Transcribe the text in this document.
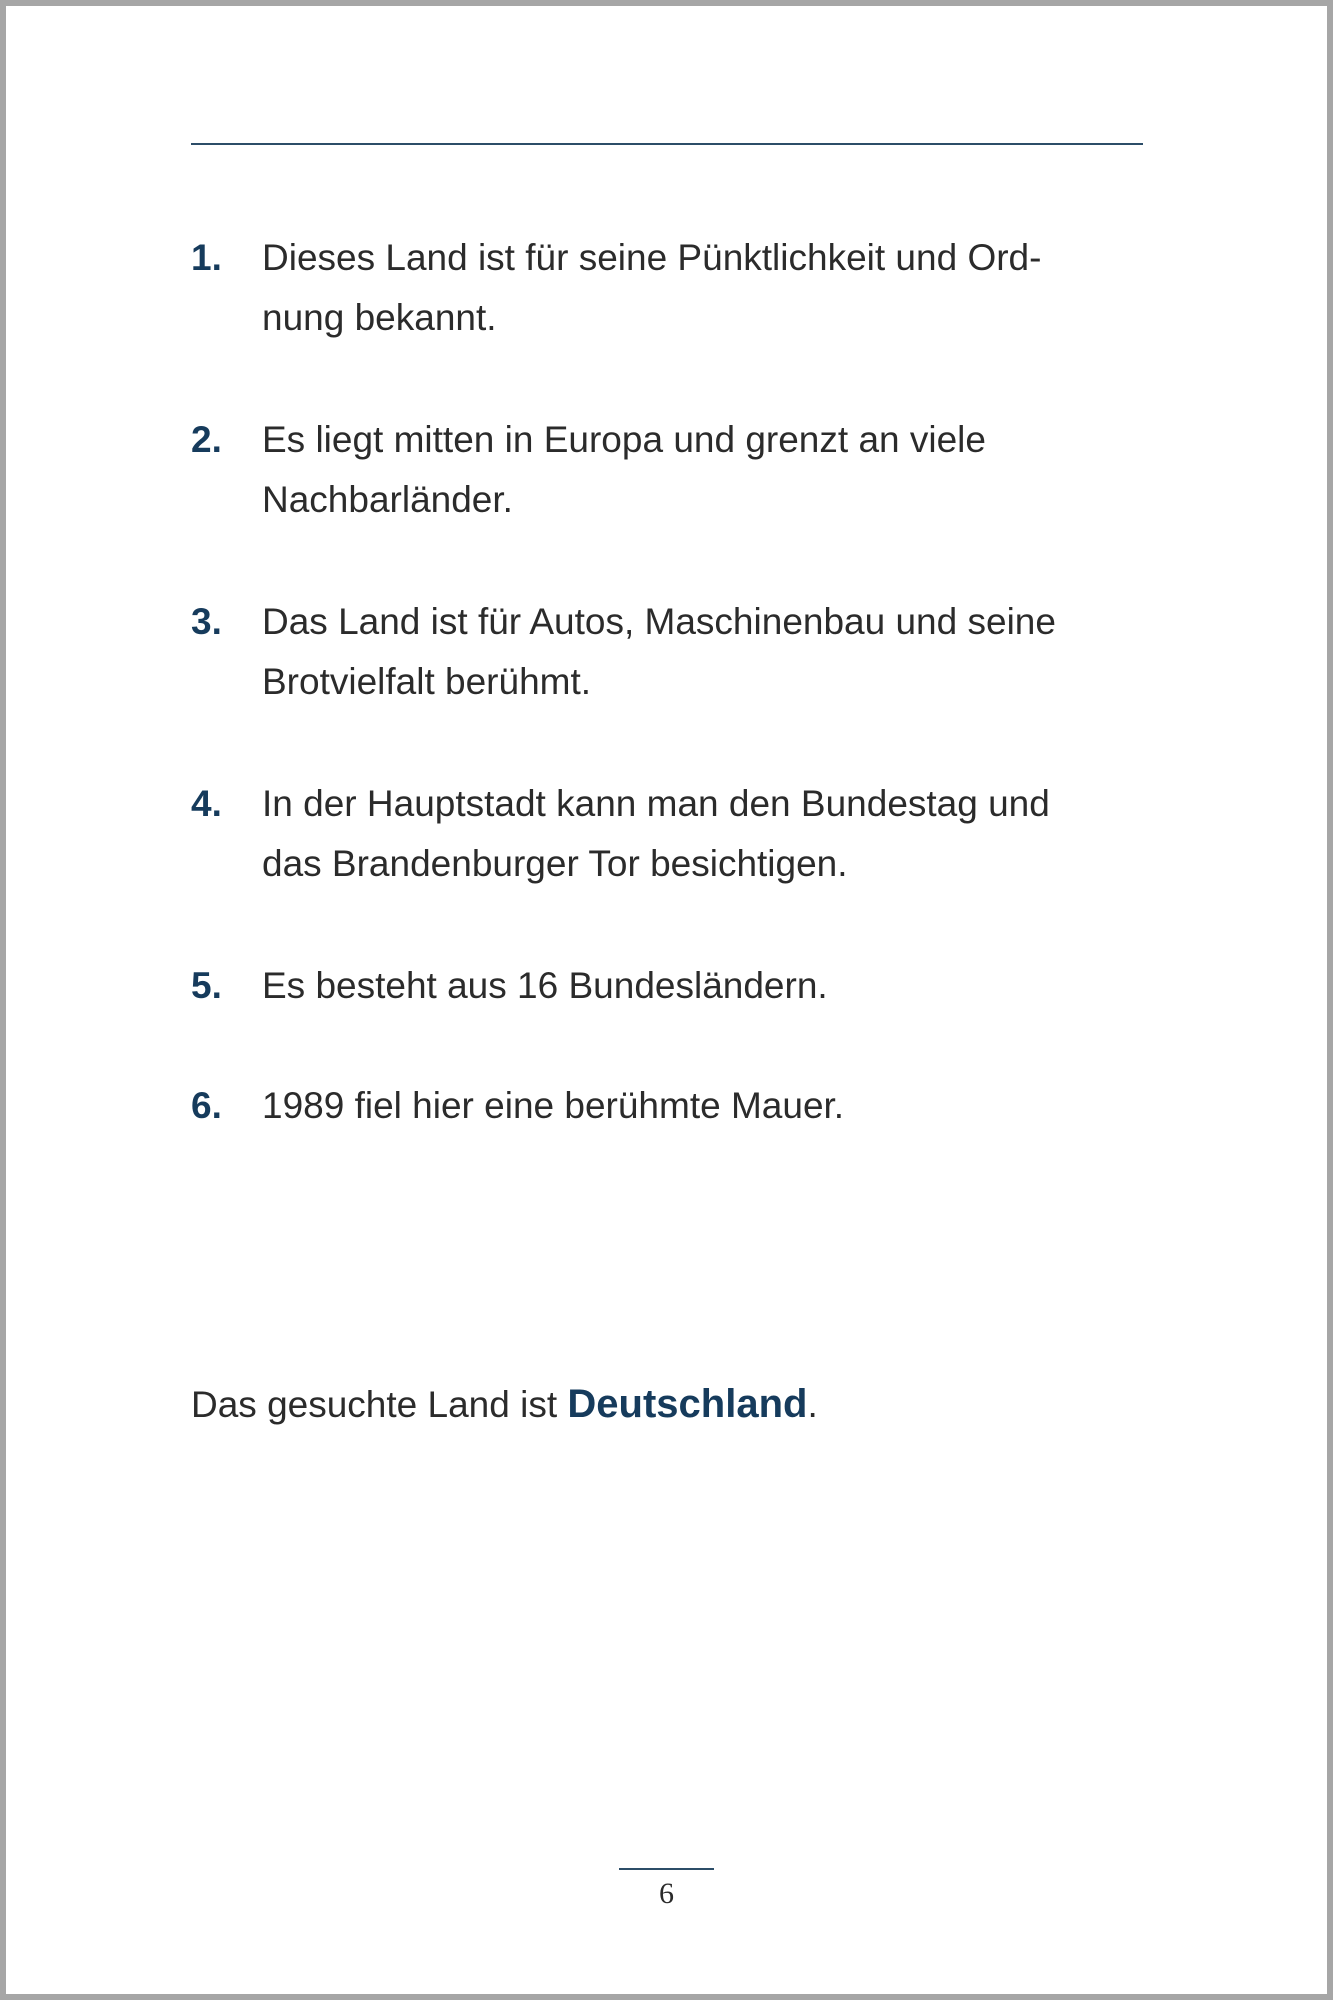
1.	Dieses Land ist für seine Pünktlichkeit und Ord-
nung bekannt.
2.	Es liegt mitten in Europa und grenzt an viele
Nachbarländer.
3.	Das Land ist für Autos, Maschinenbau und seine
Brotvielfalt berühmt.
4.	In der Hauptstadt kann man den Bundestag und
das Brandenburger Tor besichtigen.
5.	Es besteht aus 16 Bundesländern.
6.	1989 fiel hier eine berühmte Mauer.

Das gesuchte Land ist Deutschland.

6
